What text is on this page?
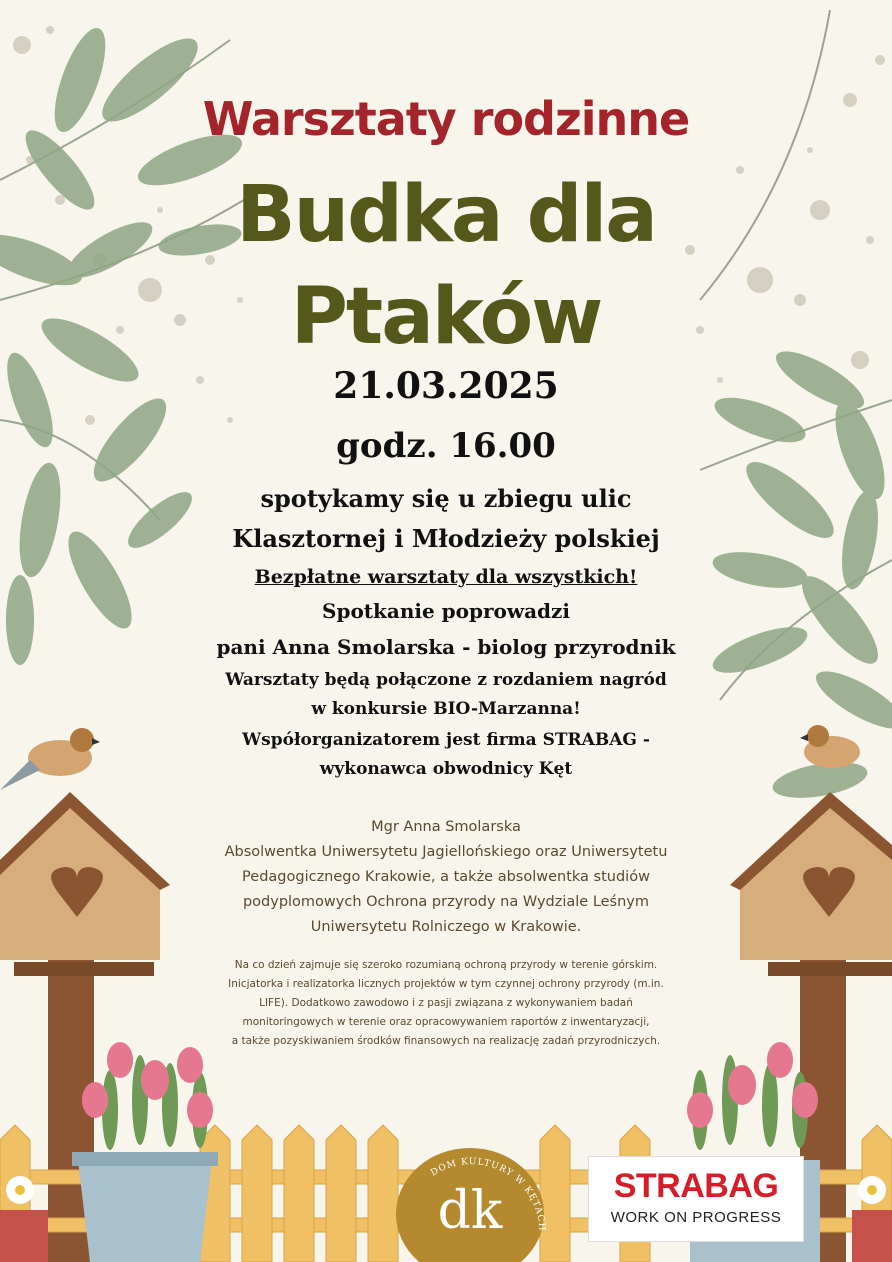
Warsztaty rodzinne
Budka dla
Ptaków
21.03.2025
godz. 16.00
spotykamy się u zbiegu ulic
Klasztornej i Młodzieży polskiej
Bezpłatne warsztaty dla wszystkich!
Spotkanie poprowadzi
pani Anna Smolarska - biolog przyrodnik
Warsztaty będą połączone z rozdaniem nagród
w konkursie BIO-Marzanna!
Współorganizatorem jest firma STRABAG -
wykonawca obwodnicy Kęt
Mgr Anna Smolarska
Absolwentka Uniwersytetu Jagiellońskiego oraz Uniwersytetu
Pedagogicznego Krakowie, a także absolwentka studiów
podyplomowych Ochrona przyrody na Wydziale Leśnym
Uniwersytetu Rolniczego w Krakowie.
Na co dzień zajmuje się szeroko rozumianą ochroną przyrody w terenie górskim.
Inicjatorka i realizatorka licznych projektów w tym czynnej ochrony przyrody (m.in.
LIFE). Dodatkowo zawodowo i z pasji związana z wykonywaniem badań
monitoringowych w terenie oraz opracowywaniem raportów z inwentaryzacji,
a także pozyskiwaniem środków finansowych na realizację zadań przyrodniczych.
dk
DOM KULTURY W KĘTACH
STRABAG
WORK ON PROGRESS
